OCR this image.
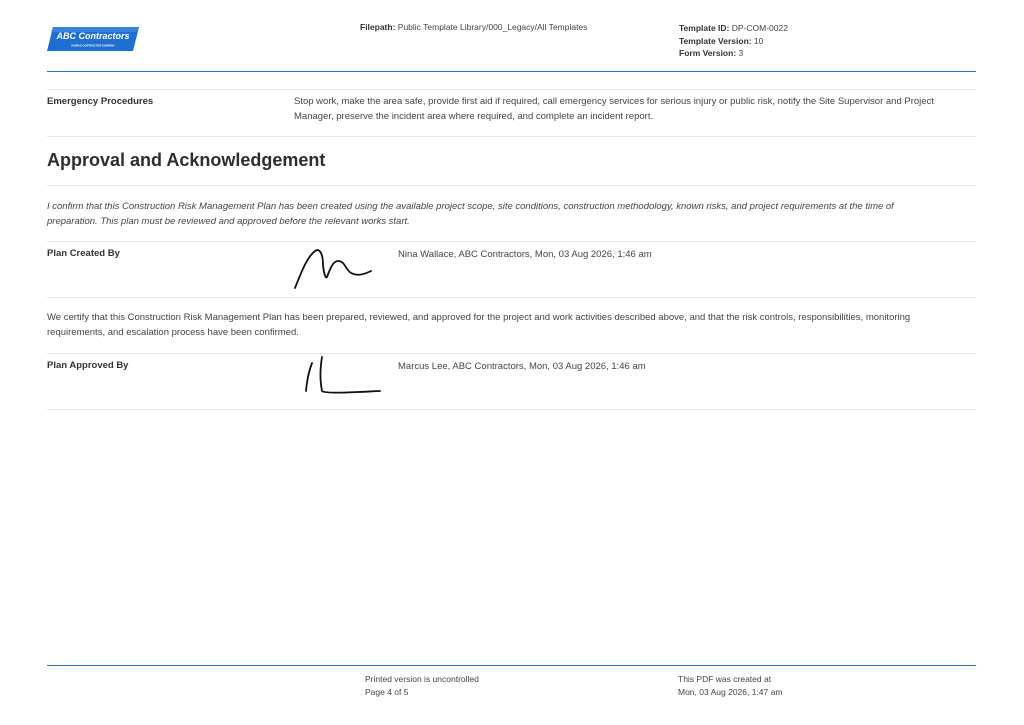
ABC Contractors
SAMPLE CONTRACTOR COMPANY
Filepath: Public Template Library/000_Legacy/All Templates	Template ID: DP-COM-0022
Template Version: 10
Form Version: 3
Emergency Procedures	Stop work, make the area safe, provide first aid if required, call emergency services for serious injury or public risk, notify the Site Supervisor and Project
Manager, preserve the incident area where required, and complete an incident report.
Approval and Acknowledgement
I confirm that this Construction Risk Management Plan has been created using the available project scope, site conditions, construction methodology, known risks, and project requirements at the time of
preparation. This plan must be reviewed and approved before the relevant works start.
Plan Created By	Nina Wallace, ABC Contractors, Mon, 03 Aug 2026, 1:46 am
We certify that this Construction Risk Management Plan has been prepared, reviewed, and approved for the project and work activities described above, and that the risk controls, responsibilities, monitoring
requirements, and escalation process have been confirmed.
Plan Approved By	Marcus Lee, ABC Contractors, Mon, 03 Aug 2026, 1:46 am
Printed version is uncontrolled
Page 4 of 5
This PDF was created at
Mon, 03 Aug 2026, 1:47 am
